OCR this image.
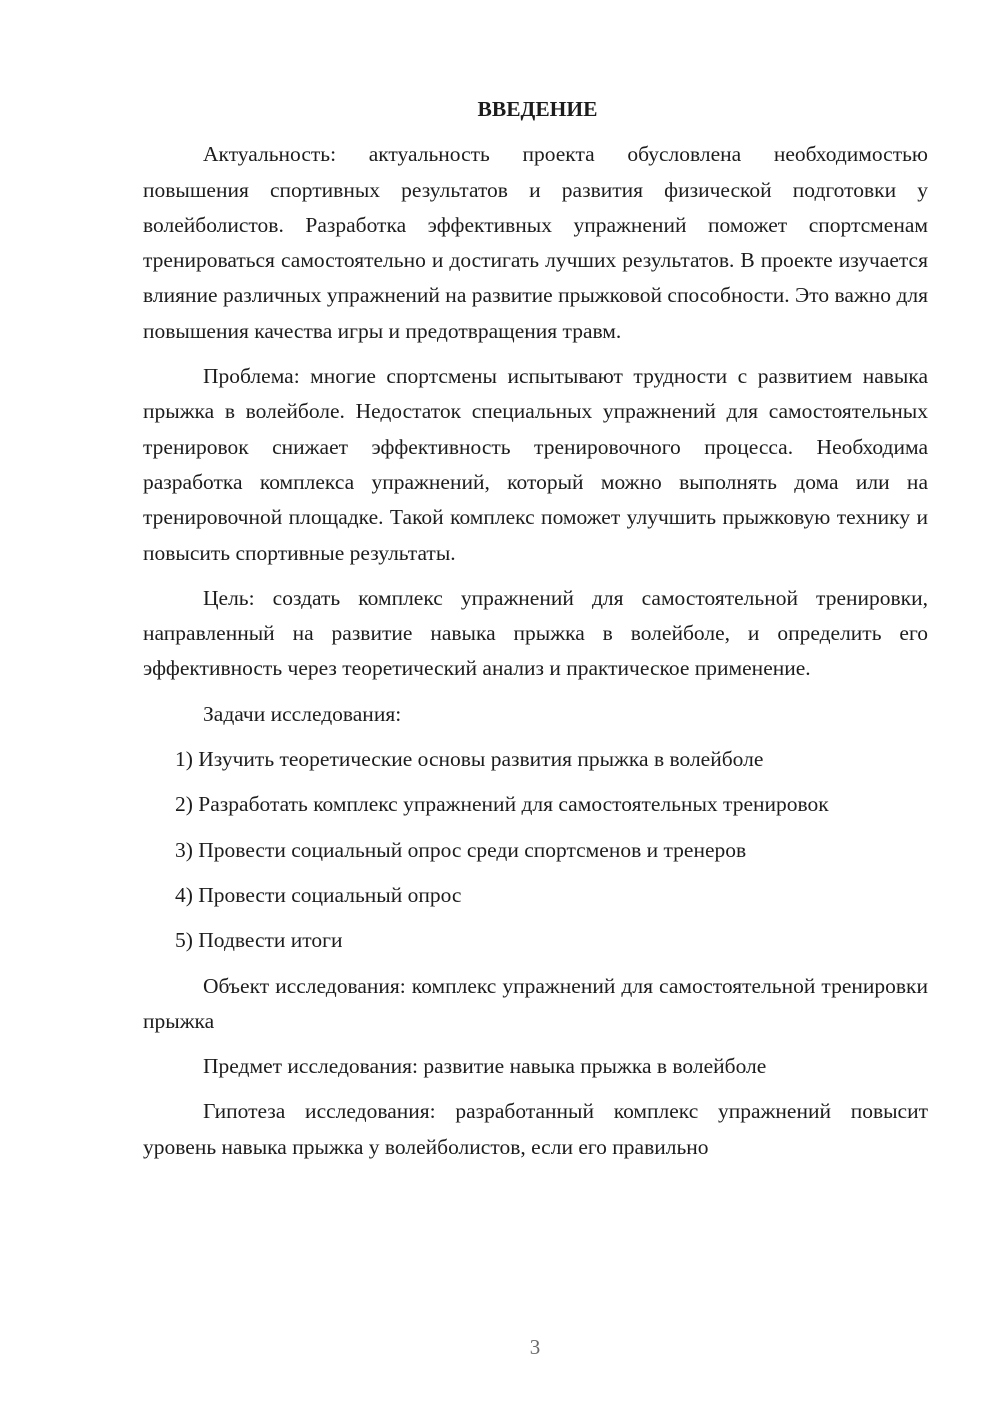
ВВЕДЕНИЕ

Актуальность: актуальность проекта обусловлена необходимостью повышения спортивных результатов и развития физической подготовки у волейболистов. Разработка эффективных упражнений поможет спортсменам тренироваться самостоятельно и достигать лучших результатов. В проекте изучается влияние различных упражнений на развитие прыжковой способности. Это важно для повышения качества игры и предотвращения травм.

Проблема: многие спортсмены испытывают трудности с развитием навыка прыжка в волейболе. Недостаток специальных упражнений для самостоятельных тренировок снижает эффективность тренировочного процесса. Необходима разработка комплекса упражнений, который можно выполнять дома или на тренировочной площадке. Такой комплекс поможет улучшить прыжковую технику и повысить спортивные результаты.

Цель: создать комплекс упражнений для самостоятельной тренировки, направленный на развитие навыка прыжка в волейболе, и определить его эффективность через теоретический анализ и практическое применение.

Задачи исследования:

1) Изучить теоретические основы развития прыжка в волейболе

2) Разработать комплекс упражнений для самостоятельных тренировок

3) Провести социальный опрос среди спортсменов и тренеров

4) Провести социальный опрос

5) Подвести итоги

Объект исследования: комплекс упражнений для самостоятельной тренировки прыжка

Предмет исследования: развитие навыка прыжка в волейболе

Гипотеза исследования: разработанный комплекс упражнений повысит уровень навыка прыжка у волейболистов, если его правильно

3
